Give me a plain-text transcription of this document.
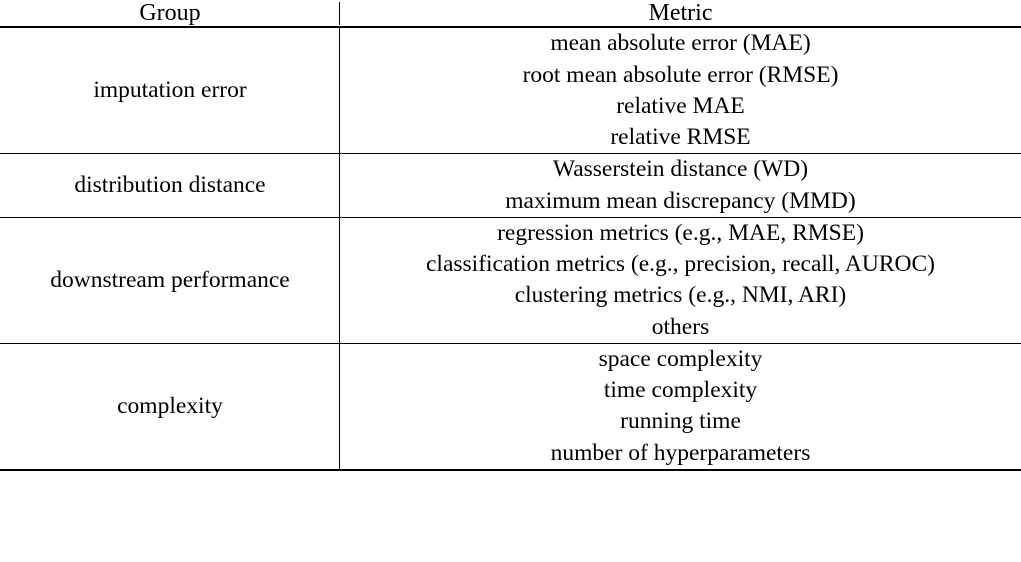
Group	Metric

imputation error	mean absolute error (MAE)
root mean absolute error (RMSE)
relative MAE
relative RMSE

distribution distance	Wasserstein distance (WD)
maximum mean discrepancy (MMD)

downstream performance	regression metrics (e.g., MAE, RMSE)
classification metrics (e.g., precision, recall, AUROC)
clustering metrics (e.g., NMI, ARI)
others

complexity	space complexity
time complexity
running time
number of hyperparameters
